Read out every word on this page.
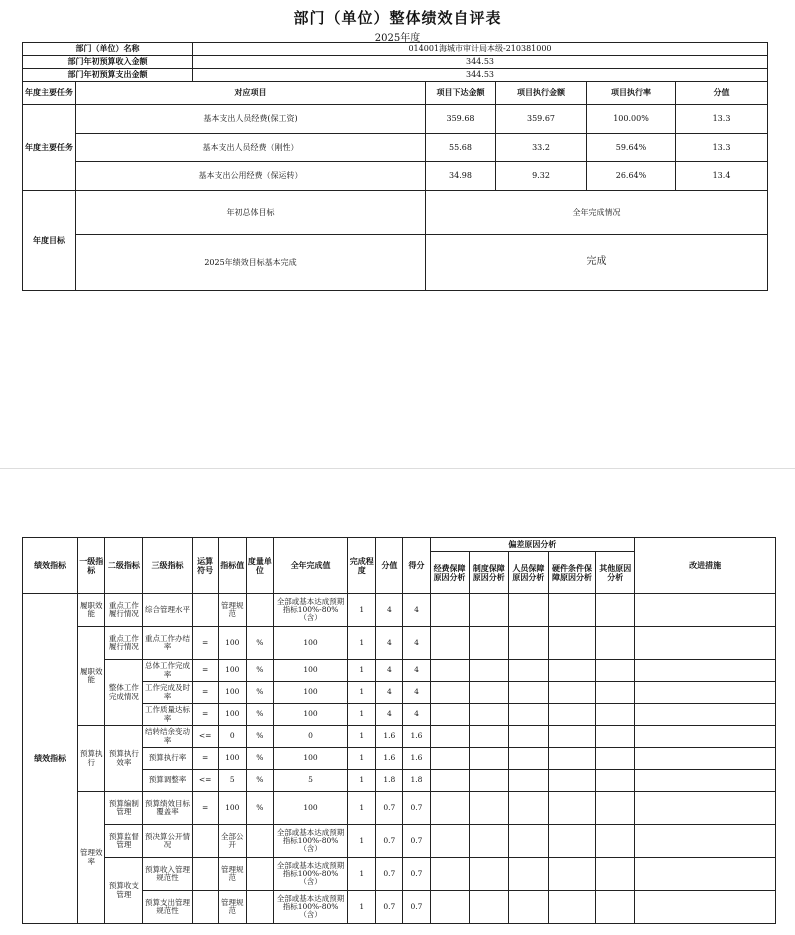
部门（单位）整体绩效自评表
2025年度
部门（单位）名称		014001海城市审计局本级-210381000					
部门年初预算收入金额		344.53					
部门年初预算支出金额		344.53					
年度主要任务	对应项目		项目下达金额	项目执行金额	项目执行率	分值	
年度主要任务	基本支出人员经费(保工资)		359.68	359.67	100.00%	13.3	
	基本支出人员经费（刚性）		55.68	33.2	59.64%	13.3	
	基本支出公用经费（保运转）		34.98	9.32	26.64%	13.4	
年度目标	年初总体目标		全年完成情况				
	2025年绩效目标基本完成		完成				
绩效指标	一级指标	二级指标	三级指标	运算符号	指标值	度量单位	全年完成值	完成程度	分值	得分	偏差原因分析					改进措施
											经费保障原因分析	制度保障原因分析	人员保障原因分析	硬件条件保障原因分析	其他原因分析	
绩效指标	履职效能	重点工作履行情况	综合管理水平		管理规范		全部或基本达成预期指标100%-80%（含）	1	4	4						
	履职效能	重点工作履行情况	重点工作办结率	=	100	%	100	1	4	4						
		整体工作完成情况	总体工作完成率	=	100	%	100	1	4	4						
			工作完成及时率	=	100	%	100	1	4	4						
			工作质量达标率	=	100	%	100	1	4	4						
	预算执行	预算执行效率	结转结余变动率	<=	0	%	0	1	1.6	1.6						
			预算执行率	=	100	%	100	1	1.6	1.6						
			预算调整率	<=	5	%	5	1	1.8	1.8						
	管理效率	预算编制管理	预算绩效目标覆盖率	=	100	%	100	1	0.7	0.7						
		预算监督管理	预决算公开情况		全部公开		全部或基本达成预期指标100%-80%（含）	1	0.7	0.7						
		预算收支管理	预算收入管理规范性		管理规范		全部或基本达成预期指标100%-80%（含）	1	0.7	0.7						
			预算支出管理规范性		管理规范		全部或基本达成预期指标100%-80%（含）	1	0.7	0.7						
